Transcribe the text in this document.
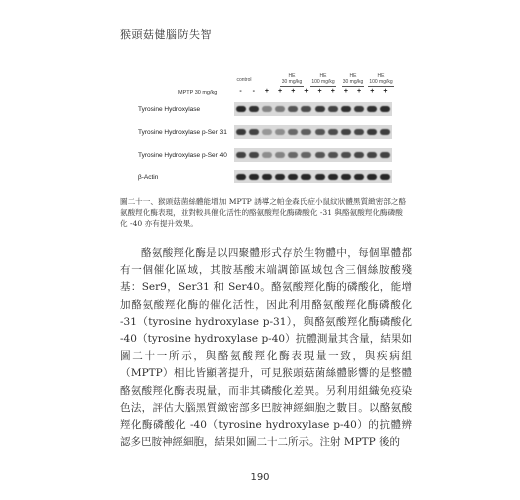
猴頭菇健腦防失智
control
HE
30 mg/kg
HE
100 mg/kg
HE
30 mg/kg
HE
100 mg/kg
MPTP 30 mg/kg	-	-	+	+	+	+	+	+	+	+	+	+
Tyrosine Hydroxylase
Tyrosine Hydroxylase p-Ser 31
Tyrosine Hydroxylase p-Ser 40
β-Actin
圖二十一、猴頭菇菌絲體能增加 MPTP 誘導之帕金森氏症小鼠紋狀體黑質緻密部之酪氨酸羥化酶表現，並對較具催化活性的酪氨酸羥化酶磷酸化 -31 與酪氨酸羥化酶磷酸化 -40 亦有提升效果。

酪氨酸羥化酶是以四聚體形式存於生物體中，每個單體都有一個催化區域，其胺基酸末端調節區域包含三個絲胺酸殘基：Ser9，Ser31 和 Ser40。酪氨酸羥化酶的磷酸化，能增加酪氨酸羥化酶的催化活性，因此利用酪氨酸羥化酶磷酸化 -31（tyrosine hydroxylase p-31），與酪氨酸羥化酶磷酸化 -40（tyrosine hydroxylase p-40）抗體測量其含量，結果如圖二十一所示，與酪氨酸羥化酶表現量一致，與疾病組（MPTP）相比皆顯著提升，可見猴頭菇菌絲體影響的是整體酪氨酸羥化酶表現量，而非其磷酸化差異。另利用組織免疫染色法，評估大腦黑質緻密部多巴胺神經細胞之數目。以酪氨酸羥化酶磷酸化 -40（tyrosine hydroxylase p-40）的抗體辨認多巴胺神經細胞，結果如圖二十二所示。注射 MPTP 後的

190
